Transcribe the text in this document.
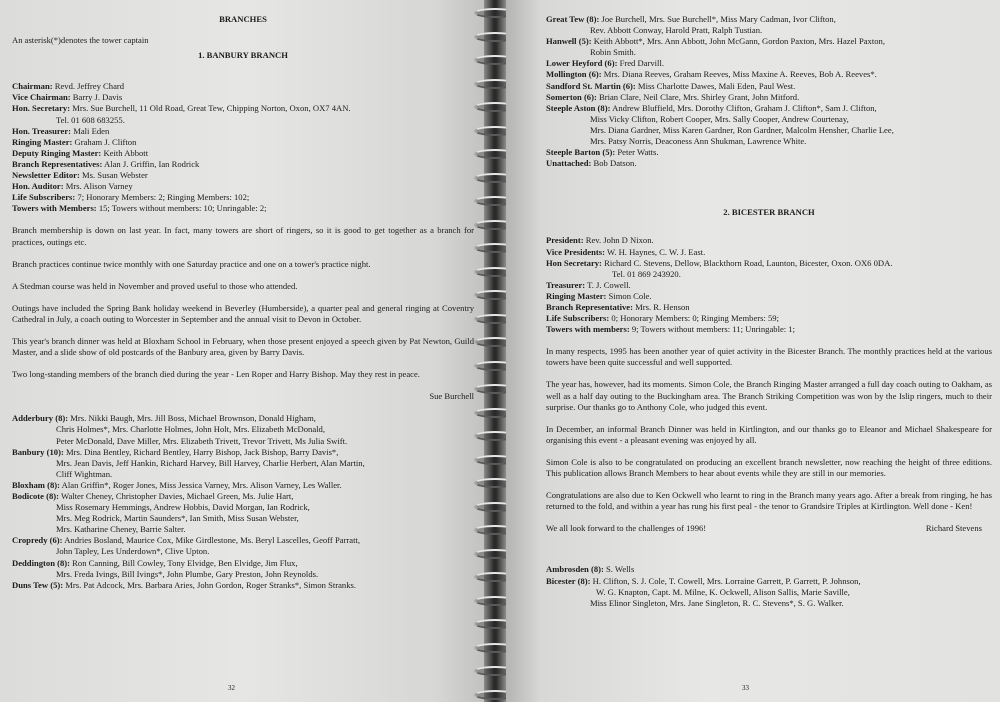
BRANCHES
An asterisk(*)denotes the tower captain
1. BANBURY BRANCH
Chairman: Revd. Jeffrey Chard
Vice Chairman: Barry J. Davis
Hon. Secretary: Mrs. Sue Burchell, 11 Old Road, Great Tew, Chipping Norton, Oxon, OX7 4AN.
Tel. 01 608 683255.
Hon. Treasurer: Mali Eden
Ringing Master: Graham J. Clifton
Deputy Ringing Master: Keith Abbott
Branch Representatives: Alan J. Griffin, Ian Rodrick
Newsletter Editor: Ms. Susan Webster
Hon. Auditor: Mrs. Alison Varney
Life Subscribers: 7; Honorary Members: 2; Ringing Members: 102;
Towers with Members: 15; Towers without members: 10; Unringable: 2;

Branch membership is down on last year. In fact, many towers are short of ringers, so it is good to get together as a branch for practices, outings etc.

Branch practices continue twice monthly with one Saturday practice and one on a tower's practice night.

A Stedman course was held in November and proved useful to those who attended.

Outings have included the Spring Bank holiday weekend in Beverley (Humberside), a quarter peal and general ringing at Coventry Cathedral in July, a coach outing to Worcester in September and the annual visit to Devon in October.

This year's branch dinner was held at Bloxham School in February, when those present enjoyed a speech given by Pat Newton, Guild Master, and a slide show of old postcards of the Banbury area, given by Barry Davis.

Two long-standing members of the branch died during the year - Len Roper and Harry Bishop. May they rest in peace.

Sue Burchell
Adderbury (8): Mrs. Nikki Baugh, Mrs. Jill Boss, Michael Brownson, Donald Higham,
Chris Holmes*, Mrs. Charlotte Holmes, John Holt, Mrs. Elizabeth McDonald,
Peter McDonald, Dave Miller, Mrs. Elizabeth Trivett, Trevor Trivett, Ms Julia Swift.
Banbury (10): Mrs. Dina Bentley, Richard Bentley, Harry Bishop, Jack Bishop, Barry Davis*,
Mrs. Jean Davis, Jeff Hankin, Richard Harvey, Bill Harvey, Charlie Herbert, Alan Martin,
Cliff Wightman.
Bloxham (8): Alan Griffin*, Roger Jones, Miss Jessica Varney, Mrs. Alison Varney, Les Waller.
Bodicote (8): Walter Cheney, Christopher Davies, Michael Green, Ms. Julie Hart,
Miss Rosemary Hemmings, Andrew Hobbis, David Morgan, Ian Rodrick,
Mrs. Meg Rodrick, Martin Saunders*, Ian Smith, Miss Susan Webster,
Mrs. Katharine Cheney, Barrie Salter.
Cropredy (6): Andries Bosland, Maurice Cox, Mike Girdlestone, Ms. Beryl Lascelles, Geoff Parratt,
John Tapley, Les Underdown*, Clive Upton.
Deddington (8): Ron Canning, Bill Cowley, Tony Elvidge, Ben Elvidge, Jim Flux,
Mrs. Freda Ivings, Bill Ivings*, John Plumbe, Gary Preston, John Reynolds.
Duns Tew (5): Mrs. Pat Adcock, Mrs. Barbara Aries, John Gordon, Roger Stranks*, Simon Stranks.
32
Great Tew (8): Joe Burchell, Mrs. Sue Burchell*, Miss Mary Cadman, Ivor Clifton,
Rev. Abbott Conway, Harold Pratt, Ralph Tustian.
Hanwell (5): Keith Abbott*, Mrs. Ann Abbott, John McGann, Gordon Paxton, Mrs. Hazel Paxton,
Robin Smith.
Lower Heyford (6): Fred Darvill.
Mollington (6): Mrs. Diana Reeves, Graham Reeves, Miss Maxine A. Reeves, Bob A. Reeves*.
Sandford St. Martin (6): Miss Charlotte Dawes, Mali Eden, Paul West.
Somerton (6): Brian Clare, Neil Clare, Mrs. Shirley Grant, John Mitford.
Steeple Aston (8): Andrew Bluffield, Mrs. Dorothy Clifton, Graham J. Clifton*, Sam J. Clifton,
Miss Vicky Clifton, Robert Cooper, Mrs. Sally Cooper, Andrew Courtenay,
Mrs. Diana Gardner, Miss Karen Gardner, Ron Gardner, Malcolm Hensher, Charlie Lee,
Mrs. Patsy Norris, Deaconess Ann Shukman, Lawrence White.
Steeple Barton (5): Peter Watts.
Unattached: Bob Datson.
2. BICESTER BRANCH
President: Rev. John D Nixon.
Vice Presidents: W. H. Haynes, C. W. J. East.
Hon Secretary: Richard C. Stevens, Dellow, Blackthorn Road, Launton, Bicester, Oxon. OX6 0DA.
Tel. 01 869 243920.
Treasurer: T. J. Cowell.
Ringing Master: Simon Cole.
Branch Representative: Mrs. R. Henson
Life Subscribers: 0; Honorary Members: 0; Ringing Members: 59;
Towers with members: 9; Towers without members: 11; Unringable: 1;

In many respects, 1995 has been another year of quiet activity in the Bicester Branch. The monthly practices held at the various towers have been quite successful and well supported.

The year has, however, had its moments. Simon Cole, the Branch Ringing Master arranged a full day coach outing to Oakham, as well as a half day outing to the Buckingham area. The Branch Striking Competition was won by the Islip ringers, much to their surprise. Our thanks go to Anthony Cole, who judged this event.

In December, an informal Branch Dinner was held in Kirtlington, and our thanks go to Eleanor and Michael Shakespeare for organising this event - a pleasant evening was enjoyed by all.

Simon Cole is also to be congratulated on producing an excellent branch newsletter, now reaching the height of three editions. This publication allows Branch Members to hear about events while they are still in our memories.

Congratulations are also due to Ken Ockwell who learnt to ring in the Branch many years ago. After a break from ringing, he has returned to the fold, and within a year has rung his first peal - the tenor to Grandsire Triples at Kirtlington. Well done - Ken!

We all look forward to the challenges of 1996!	Richard Stevens
Ambrosden (8): S. Wells
Bicester (8): H. Clifton, S. J. Cole, T. Cowell, Mrs. Lorraine Garrett, P. Garrett, P. Johnson,
W. G. Knapton, Capt. M. Milne, K. Ockwell, Alison Sallis, Marie Saville,
Miss Elinor Singleton, Mrs. Jane Singleton, R. C. Stevens*, S. G. Walker.
33
